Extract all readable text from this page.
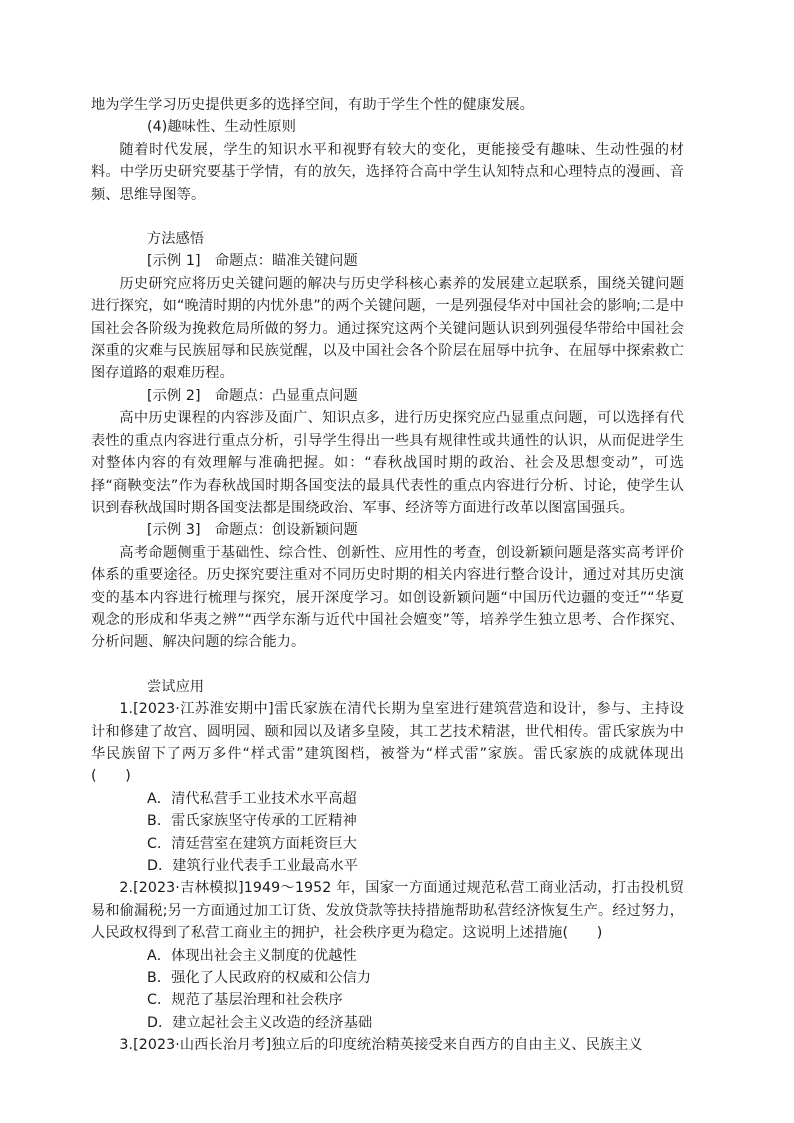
地为学生学习历史提供更多的选择空间，有助于学生个性的健康发展。

(4)趣味性、生动性原则

随着时代发展，学生的知识水平和视野有较大的变化，更能接受有趣味、生动性强的材料。中学历史研究要基于学情，有的放矢，选择符合高中学生认知特点和心理特点的漫画、音频、思维导图等。

方法感悟

[示例 1]　命题点：瞄准关键问题

历史研究应将历史关键问题的解决与历史学科核心素养的发展建立起联系，围绕关键问题进行探究，如“晚清时期的内忧外患”的两个关键问题，一是列强侵华对中国社会的影响;二是中国社会各阶级为挽救危局所做的努力。通过探究这两个关键问题认识到列强侵华带给中国社会深重的灾难与民族屈辱和民族觉醒，以及中国社会各个阶层在屈辱中抗争、在屈辱中探索救亡图存道路的艰难历程。

[示例 2]　命题点：凸显重点问题

高中历史课程的内容涉及面广、知识点多，进行历史探究应凸显重点问题，可以选择有代表性的重点内容进行重点分析，引导学生得出一些具有规律性或共通性的认识，从而促进学生对整体内容的有效理解与准确把握。如：“春秋战国时期的政治、社会及思想变动”，可选择“商鞅变法”作为春秋战国时期各国变法的最具代表性的重点内容进行分析、讨论，使学生认识到春秋战国时期各国变法都是围绕政治、军事、经济等方面进行改革以图富国强兵。

[示例 3]　命题点：创设新颖问题

高考命题侧重于基础性、综合性、创新性、应用性的考查，创设新颖问题是落实高考评价体系的重要途径。历史探究要注重对不同历史时期的相关内容进行整合设计，通过对其历史演变的基本内容进行梳理与探究，展开深度学习。如创设新颖问题“中国历代边疆的变迁”“华夏观念的形成和华夷之辨”“西学东渐与近代中国社会嬗变”等，培养学生独立思考、合作探究、分析问题、解决问题的综合能力。

尝试应用

1.[2023·江苏淮安期中]雷氏家族在清代长期为皇室进行建筑营造和设计，参与、主持设计和修建了故宫、圆明园、颐和园以及诸多皇陵，其工艺技术精湛，世代相传。雷氏家族为中华民族留下了两万多件“样式雷”建筑图档，被誉为“样式雷”家族。雷氏家族的成就体现出(　　)

A．清代私营手工业技术水平高超

B．雷氏家族坚守传承的工匠精神

C．清廷营室在建筑方面耗资巨大

D．建筑行业代表手工业最高水平

2.[2023·吉林模拟]1949～1952 年，国家一方面通过规范私营工商业活动，打击投机贸易和偷漏税;另一方面通过加工订货、发放贷款等扶持措施帮助私营经济恢复生产。经过努力，人民政权得到了私营工商业主的拥护，社会秩序更为稳定。这说明上述措施(　　)

A．体现出社会主义制度的优越性

B．强化了人民政府的权威和公信力

C．规范了基层治理和社会秩序

D．建立起社会主义改造的经济基础

3.[2023·山西长治月考]独立后的印度统治精英接受来自西方的自由主义、民族主义
